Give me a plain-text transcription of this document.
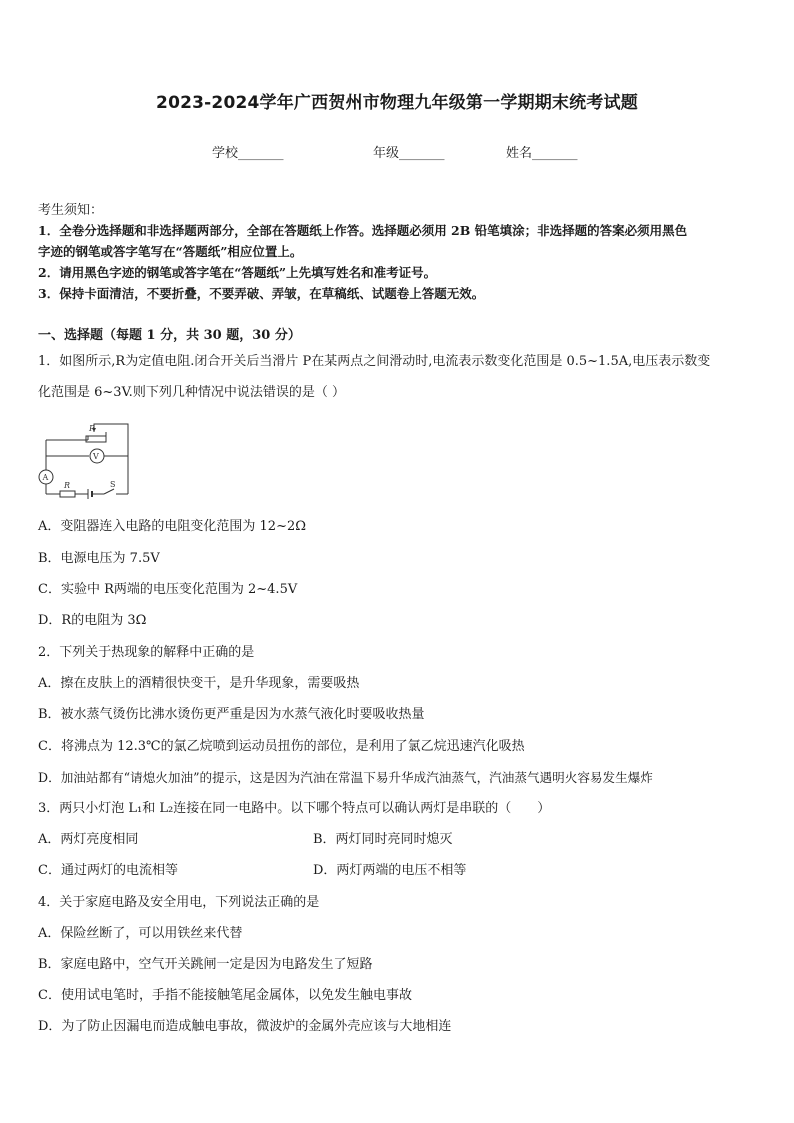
2023-2024学年广西贺州市物理九年级第一学期期末统考试题
学校_______	年级_______	姓名_______
考生须知：
1．全卷分选择题和非选择题两部分，全部在答题纸上作答。选择题必须用 2B 铅笔填涂；非选择题的答案必须用黑色
字迹的钢笔或答字笔写在“答题纸”相应位置上。
2．请用黑色字迹的钢笔或答字笔在“答题纸”上先填写姓名和准考证号。
3．保持卡面清洁，不要折叠，不要弄破、弄皱，在草稿纸、试题卷上答题无效。
一、选择题（每题 1 分，共 30 题，30 分）
1．如图所示,R为定值电阻.闭合开关后当滑片 P在某两点之间滑动时,电流表示数变化范围是 0.5~1.5A,电压表示数变
化范围是 6~3V.则下列几种情况中说法错误的是（ ）
P
V
A
R	S
A．变阻器连入电路的电阻变化范围为 12~2Ω
B．电源电压为 7.5V
C．实验中 R两端的电压变化范围为 2~4.5V
D．R的电阻为 3Ω
2．下列关于热现象的解释中正确的是
A．擦在皮肤上的酒精很快变干，是升华现象，需要吸热
B．被水蒸气烫伤比沸水烫伤更严重是因为水蒸气液化时要吸收热量
C．将沸点为 12.3℃的氯乙烷喷到运动员扭伤的部位，是利用了氯乙烷迅速汽化吸热
D．加油站都有“请熄火加油”的提示，这是因为汽油在常温下易升华成汽油蒸气，汽油蒸气遇明火容易发生爆炸
3．两只小灯泡 L₁和 L₂连接在同一电路中。以下哪个特点可以确认两灯是串联的（　　）
A．两灯亮度相同	B．两灯同时亮同时熄灭
C．通过两灯的电流相等	D．两灯两端的电压不相等
4．关于家庭电路及安全用电，下列说法正确的是
A．保险丝断了，可以用铁丝来代替
B．家庭电路中，空气开关跳闸一定是因为电路发生了短路
C．使用试电笔时，手指不能接触笔尾金属体，以免发生触电事故
D．为了防止因漏电而造成触电事故，微波炉的金属外壳应该与大地相连
